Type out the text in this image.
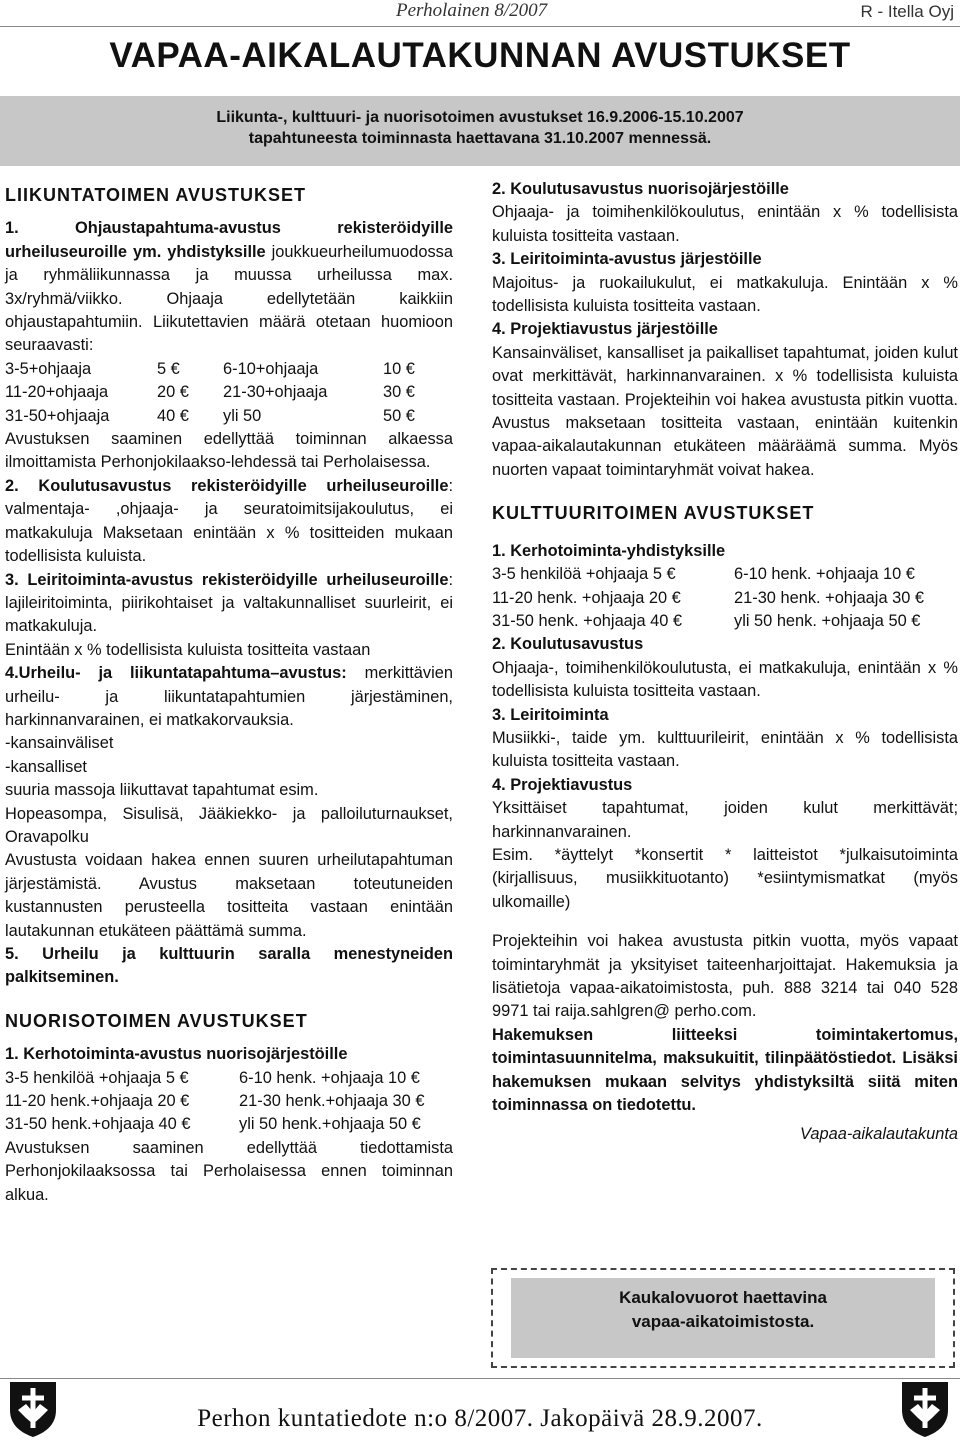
Perholainen 8/2007	R - Itella Oyj
VAPAA-AIKALAUTAKUNNAN AVUSTUKSET
Liikunta-, kulttuuri- ja nuorisotoimen avustukset 16.9.2006-15.10.2007
tapahtuneesta toiminnasta haettavana 31.10.2007 mennessä.

LIIKUNTATOIMEN AVUSTUKSET

1. Ohjaustapahtuma-avustus rekisteröidyille urheiluseuroille ym. yhdistyksille joukkueurheilumuodossa ja ryhmäliikunnassa ja muussa urheilussa max. 3x/ryhmä/viikko. Ohjaaja edellytetään kaikkiin ohjaustapahtumiin. Liikutettavien määrä otetaan huomioon seuraavasti:

3-5+ohjaaja	5 €	6-10+ohjaaja	10 €
11-20+ohjaaja	20 €	21-30+ohjaaja	30 €
31-50+ohjaaja	40 €	yli 50	50 €

Avustuksen saaminen edellyttää toiminnan alkaessa ilmoittamista Perhonjokilaakso-lehdessä tai Perholaisessa.

2. Koulutusavustus rekisteröidyille urheiluseuroille: valmentaja- ,ohjaaja- ja seuratoimitsijakoulutus, ei matkakuluja Maksetaan enintään x % tositteiden mukaan todellisista kuluista.

3. Leiritoiminta-avustus rekisteröidyille urheiluseuroille: lajileiritoiminta, piirikohtaiset ja valtakunnalliset suurleirit, ei matkakuluja.

Enintään x % todellisista kuluista tositteita vastaan

4.Urheilu- ja liikuntatapahtuma–avustus: merkittävien urheilu- ja liikuntatapahtumien järjestäminen, harkinnanvarainen, ei matkakorvauksia.

-kansainväliset

-kansalliset

suuria massoja liikuttavat tapahtumat esim.

Hopeasompa, Sisulisä, Jääkiekko- ja palloiluturnaukset, Oravapolku

Avustusta voidaan hakea ennen suuren urheilutapahtuman järjestämistä. Avustus maksetaan toteutuneiden kustannusten perusteella tositteita vastaan enintään lautakunnan etukäteen päättämä summa.

5. Urheilu ja kulttuurin saralla menestyneiden palkitseminen.

NUORISOTOIMEN AVUSTUKSET

1. Kerhotoiminta-avustus nuorisojärjestöille

3-5 henkilöä +ohjaaja 5 €	6-10 henk. +ohjaaja 10 €
11-20 henk.+ohjaaja 20 €	21-30 henk.+ohjaaja 30 €
31-50 henk.+ohjaaja 40 €	yli 50 henk.+ohjaaja 50 €

Avustuksen saaminen edellyttää tiedottamista Perhonjokilaaksossa tai Perholaisessa ennen toiminnan alkua.

2. Koulutusavustus nuorisojärjestöille

Ohjaaja- ja toimihenkilökoulutus, enintään x % todellisista kuluista tositteita vastaan.

3. Leiritoiminta-avustus järjestöille

Majoitus- ja ruokailukulut, ei matkakuluja. Enintään x % todellisista kuluista tositteita vastaan.

4. Projektiavustus järjestöille

Kansainväliset, kansalliset ja paikalliset tapahtumat, joiden kulut ovat merkittävät, harkinnanvarainen. x % todellisista kuluista tositteita vastaan. Projekteihin voi hakea avustusta pitkin vuotta. Avustus maksetaan tositteita vastaan, enintään kuitenkin vapaa-aikalautakunnan etukäteen määräämä summa. Myös nuorten vapaat toimintaryhmät voivat hakea.

KULTTUURITOIMEN AVUSTUKSET

1. Kerhotoiminta-yhdistyksille

3-5 henkilöä +ohjaaja 5 €	6-10 henk. +ohjaaja 10 €
11-20 henk. +ohjaaja 20 €	21-30 henk. +ohjaaja 30 €
31-50 henk. +ohjaaja 40 €	yli 50 henk. +ohjaaja 50 €

2. Koulutusavustus

Ohjaaja-, toimihenkilökoulutusta, ei matkakuluja, enintään x % todellisista kuluista tositteita vastaan.

3. Leiritoiminta

Musiikki-, taide ym. kulttuurileirit, enintään x % todellisista kuluista tositteita vastaan.

4. Projektiavustus

Yksittäiset tapahtumat, joiden kulut merkittävät; harkinnanvarainen.

Esim. *äyttelyt *konsertit * laitteistot *julkaisutoiminta (kirjallisuus, musiikkituotanto) *esiintymismatkat (myös ulkomaille)

Projekteihin voi hakea avustusta pitkin vuotta, myös vapaat toimintaryhmät ja yksityiset taiteenharjoittajat. Hakemuksia ja lisätietoja vapaa-aikatoimistosta, puh. 888 3214 tai 040 528 9971 tai raija.sahlgren@ perho.com.

Hakemuksen liitteeksi toimintakertomus, toimintasuunnitelma, maksukuitit, tilinpäätöstiedot. Lisäksi hakemuksen mukaan selvitys yhdistyksiltä siitä miten toiminnassa on tiedotettu.

Vapaa-aikalautakunta

Kaukalovuorot haettavina
vapaa-aikatoimistosta.
Perhon kuntatiedote n:o 8/2007. Jakopäivä 28.9.2007.
